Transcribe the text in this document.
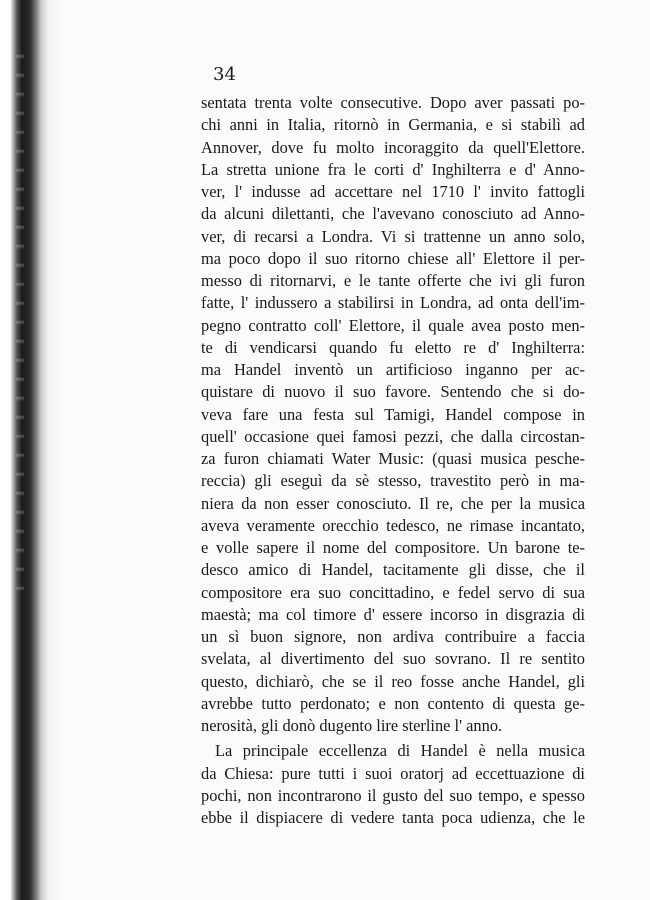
34
sentata trenta volte consecutive. Dopo aver passati po-
chi anni in Italia, ritornò in Germania, e si stabilì ad
Annover, dove fu molto incoraggito da quell'Elettore.
La stretta unione fra le corti d' Inghilterra e d' Anno-
ver, l' indusse ad accettare nel 1710 l' invito fattogli
da alcuni dilettanti, che l'avevano conosciuto ad Anno-
ver, di recarsi a Londra. Vi si trattenne un anno solo,
ma poco dopo il suo ritorno chiese all' Elettore il per-
messo di ritornarvi, e le tante offerte che ivi gli furon
fatte, l' indussero a stabilirsi in Londra, ad onta dell'im-
pegno contratto coll' Elettore, il quale avea posto men-
te di vendicarsi quando fu eletto re d' Inghilterra:
ma Handel inventò un artificioso inganno per ac-
quistare di nuovo il suo favore. Sentendo che si do-
veva fare una festa sul Tamigi, Handel compose in
quell' occasione quei famosi pezzi, che dalla circostan-
za furon chiamati Water Music: (quasi musica pesche-
reccia) gli eseguì da sè stesso, travestito però in ma-
niera da non esser conosciuto. Il re, che per la musica
aveva veramente orecchio tedesco, ne rimase incantato,
e volle sapere il nome del compositore. Un barone te-
desco amico di Handel, tacitamente gli disse, che il
compositore era suo concittadino, e fedel servo di sua
maestà; ma col timore d' essere incorso in disgrazia di
un sì buon signore, non ardiva contribuire a faccia
svelata, al divertimento del suo sovrano. Il re sentito
questo, dichiarò, che se il reo fosse anche Handel, gli
avrebbe tutto perdonato; e non contento di questa ge-
nerosità, gli donò dugento lire sterline l' anno.
La principale eccellenza di Handel è nella musica
da Chiesa: pure tutti i suoi oratorj ad eccettuazione di
pochi, non incontrarono il gusto del suo tempo, e spesso
ebbe il dispiacere di vedere tanta poca udienza, che le
